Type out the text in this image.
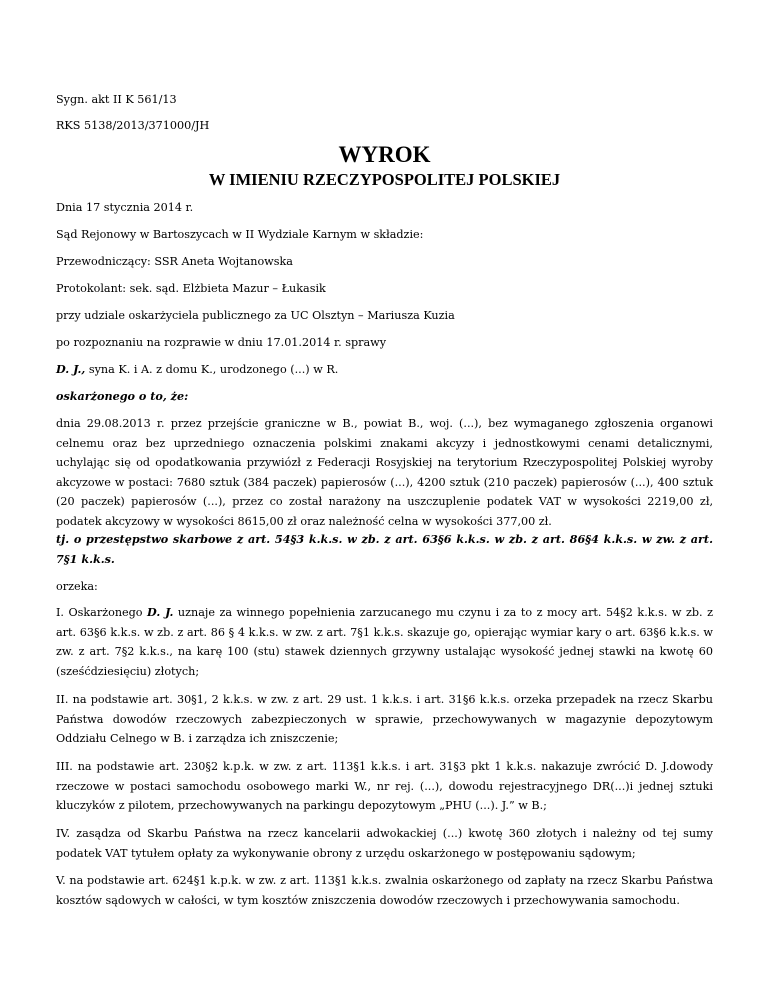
Sygn. akt II K 561/13

RKS 5138/2013/371000/JH

WYROK
W IMIENIU RZECZYPOSPOLITEJ POLSKIEJ

Dnia 17 stycznia 2014 r.

Sąd Rejonowy w Bartoszycach w II Wydziale Karnym w składzie:

Przewodniczący: SSR Aneta Wojtanowska

Protokolant: sek. sąd. Elżbieta Mazur – Łukasik

przy udziale oskarżyciela publicznego za UC Olsztyn – Mariusza Kuzia

po rozpoznaniu na rozprawie w dniu 17.01.2014 r. sprawy

D. J., syna K. i A. z domu K., urodzonego (...) w R.

oskarżonego o to, że:

dnia 29.08.2013 r. przez przejście graniczne w B., powiat B., woj. (...), bez wymaganego zgłoszenia organowi celnemu oraz bez uprzedniego oznaczenia polskimi znakami akcyzy i jednostkowymi cenami detalicznymi, uchylając się od opodatkowania przywiózł z Federacji Rosyjskiej na terytorium Rzeczypospolitej Polskiej wyroby akcyzowe w postaci: 7680 sztuk (384 paczek) papierosów (...), 4200 sztuk (210 paczek) papierosów (...), 400 sztuk (20 paczek) papierosów (...), przez co został narażony na uszczuplenie podatek VAT w wysokości 2219,00 zł, podatek akcyzowy w wysokości 8615,00 zł oraz należność celna w wysokości 377,00 zł.

tj. o przestępstwo skarbowe z art. 54§3 k.k.s. w zb. z art. 63§6 k.k.s. w zb. z art. 86§4 k.k.s. w zw. z art. 7§1 k.k.s.

orzeka:

I. Oskarżonego D. J. uznaje za winnego popełnienia zarzucanego mu czynu i za to z mocy art. 54§2 k.k.s. w zb. z art. 63§6 k.k.s. w zb. z art. 86 § 4 k.k.s. w zw. z art. 7§1 k.k.s. skazuje go, opierając wymiar kary o art. 63§6 k.k.s. w zw. z art. 7§2 k.k.s., na karę 100 (stu) stawek dziennych grzywny ustalając wysokość jednej stawki na kwotę 60 (sześćdziesięciu) złotych;

II. na podstawie art. 30§1, 2 k.k.s. w zw. z art. 29 ust. 1 k.k.s. i art. 31§6 k.k.s. orzeka przepadek na rzecz Skarbu Państwa dowodów rzeczowych zabezpieczonych w sprawie, przechowywanych w magazynie depozytowym Oddziału Celnego w B. i zarządza ich zniszczenie;

III. na podstawie art. 230§2 k.p.k. w zw. z art. 113§1 k.k.s. i art. 31§3 pkt 1 k.k.s. nakazuje zwrócić D. J.dowody rzeczowe w postaci samochodu osobowego marki W., nr rej. (...), dowodu rejestracyjnego DR(...)i jednej sztuki kluczyków z pilotem, przechowywanych na parkingu depozytowym „PHU (...). J.” w B.;

IV. zasądza od Skarbu Państwa na rzecz kancelarii adwokackiej (...) kwotę 360 złotych i należny od tej sumy podatek VAT tytułem opłaty za wykonywanie obrony z urzędu oskarżonego w postępowaniu sądowym;

V. na podstawie art. 624§1 k.p.k. w zw. z art. 113§1 k.k.s. zwalnia oskarżonego od zapłaty na rzecz Skarbu Państwa kosztów sądowych w całości, w tym kosztów zniszczenia dowodów rzeczowych i przechowywania samochodu.
